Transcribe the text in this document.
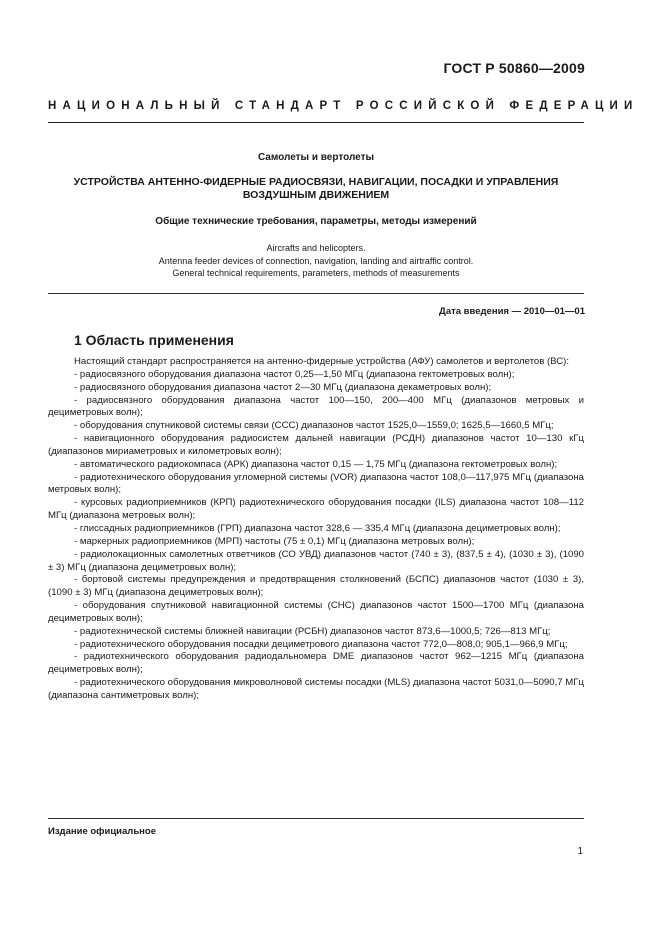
ГОСТ Р 50860—2009
НАЦИОНАЛЬНЫЙ СТАНДАРТ РОССИЙСКОЙ ФЕДЕРАЦИИ
Самолеты и вертолеты
УСТРОЙСТВА АНТЕННО-ФИДЕРНЫЕ РАДИОСВЯЗИ, НАВИГАЦИИ, ПОСАДКИ И УПРАВЛЕНИЯ
ВОЗДУШНЫМ ДВИЖЕНИЕМ
Общие технические требования, параметры, методы измерений
Aircrafts and helicopters.
Antenna feeder devices of connection, navigation, landing and airtraffic control.
General technical requirements, parameters, methods of measurements
Дата введения — 2010—01—01
1 Область применения

Настоящий стандарт распространяется на антенно-фидерные устройства (АФУ) самолетов и вертолетов (ВС):

- радиосвязного оборудования диапазона частот 0,25—1,50 МГц (диапазона гектометровых волн);

- радиосвязного оборудования диапазона частот 2—30 МГц (диапазона декаметровых волн);

- радиосвязного оборудования диапазона частот 100—150, 200—400 МГц (диапазонов метровых и дециметровых волн);

- оборудования спутниковой системы связи (ССС) диапазонов частот 1525,0—1559,0; 1625,5—1660,5 МГц;

- навигационного оборудования радиосистем дальней навигации (РСДН) диапазонов частот 10—130 кГц (диапазонов мириаметровых и километровых волн);

- автоматического радиокомпаса (АРК) диапазона частот 0,15 — 1,75 МГц (диапазона гектометровых волн);

- радиотехнического оборудования угломерной системы (VOR) диапазона частот 108,0—117,975 МГц (диапазона метровых волн);

- курсовых радиоприемников (КРП) радиотехнического оборудования посадки (ILS) диапазона частот 108—112 МГц (диапазона метровых волн);

- глиссадных радиоприемников (ГРП) диапазона частот 328,6 — 335,4 МГц (диапазона дециметровых волн);

- маркерных радиоприемников (МРП) частоты (75 ± 0,1) МГц (диапазона метровых волн);

- радиолокационных самолетных ответчиков (СО УВД) диапазонов частот (740 ± 3), (837,5 ± 4), (1030 ± 3), (1090 ± 3) МГц (диапазона дециметровых волн);

- бортовой системы предупреждения и предотвращения столкновений (БСПС) диапазонов частот (1030 ± 3), (1090 ± 3) МГц (диапазона дециметровых волн);

- оборудования спутниковой навигационной системы (СНС) диапазонов частот 1500—1700 МГц (диапазона дециметровых волн);

- радиотехнической системы ближней навигации (РСБН) диапазонов частот 873,6—1000,5; 726—813 МГц;

- радиотехнического оборудования посадки дециметрового диапазона частот 772,0—808,0; 905,1—966,9 МГц;

- радиотехнического оборудования радиодальномера DME диапазонов частот 962—1215 МГц (диапазона дециметровых волн);

- радиотехнического оборудования микроволновой системы посадки (MLS) диапазона частот 5031,0—5090,7 МГц (диапазона сантиметровых волн);

Издание официальное
1
